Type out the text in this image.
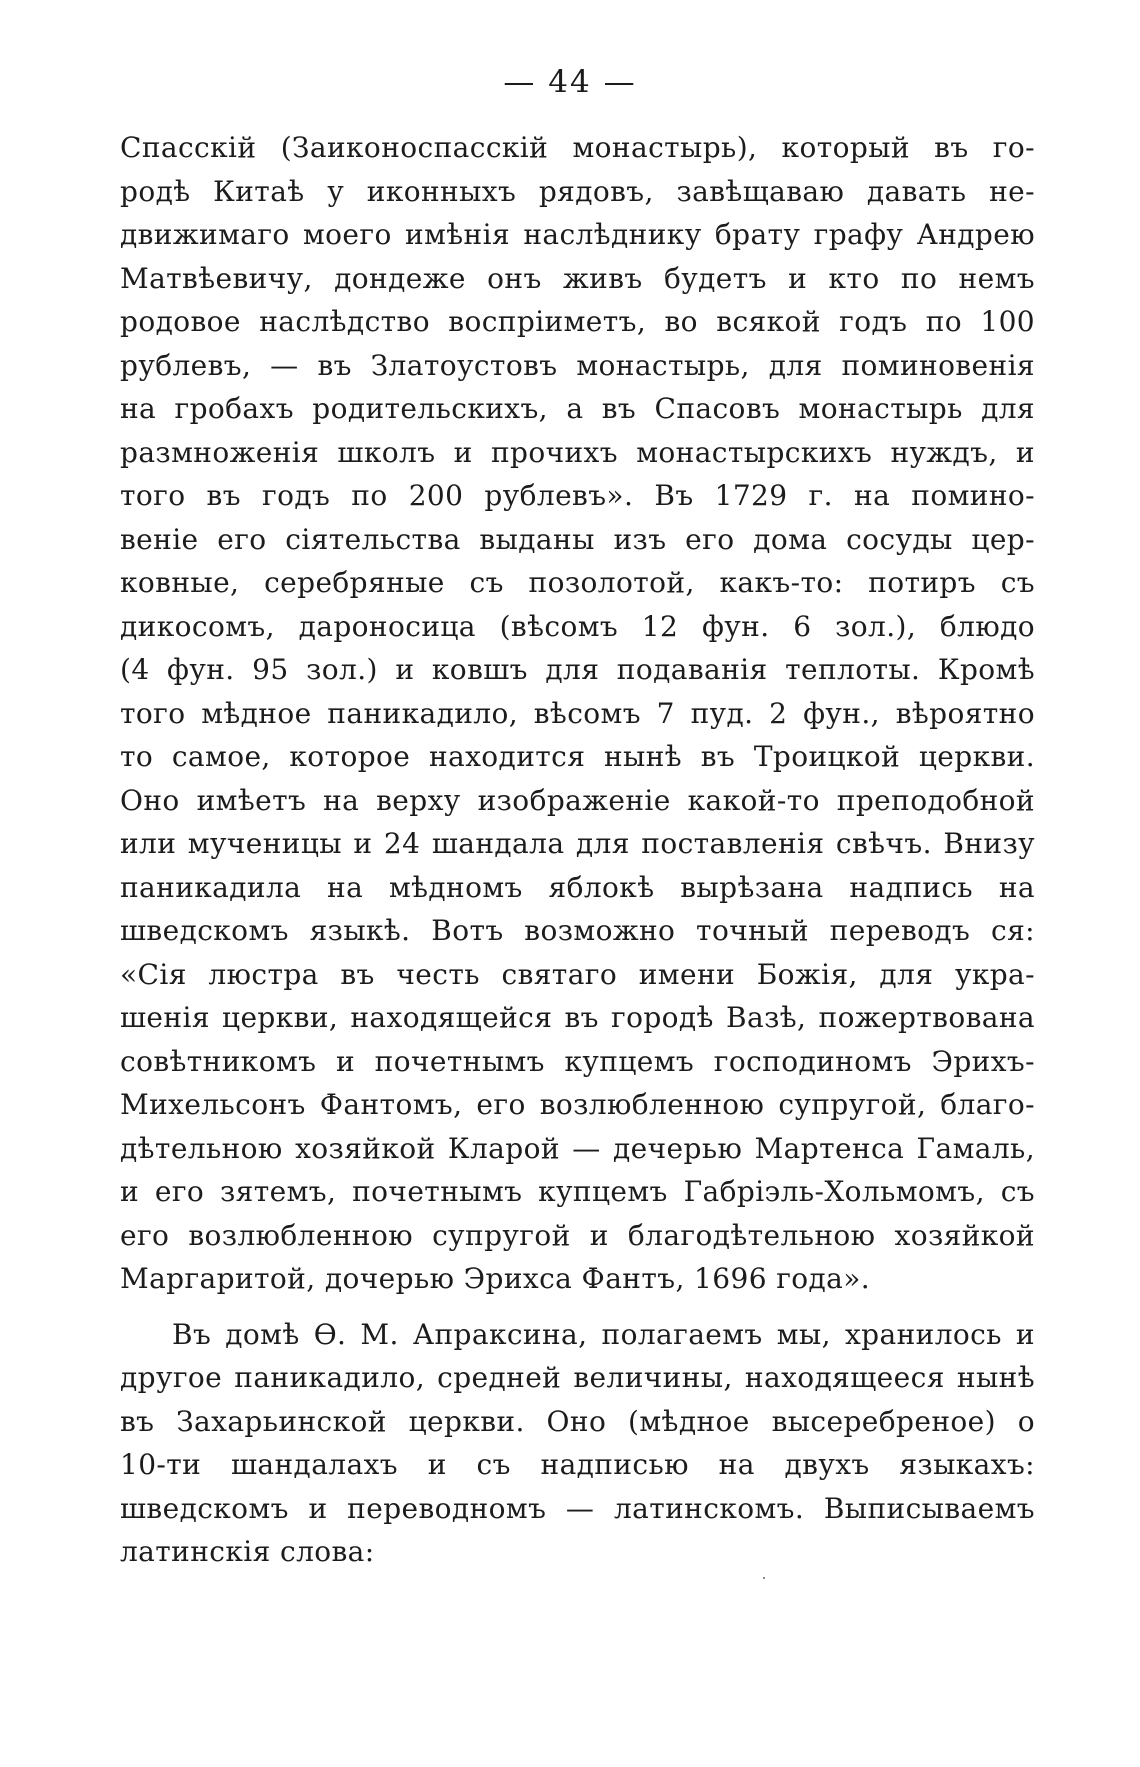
— 44 —
Спасскій (Заиконоспасскій монастырь), который въ го-
родѣ Китаѣ у иконныхъ рядовъ, завѣщаваю давать не-
движимаго моего имѣнія наслѣднику брату графу Андрею
Матвѣевичу, дондеже онъ живъ будетъ и кто по немъ
родовое наслѣдство воспріиметъ, во всякой годъ по 100
рублевъ, — въ Златоустовъ монастырь, для поминовенія
на гробахъ родительскихъ, а въ Спасовъ монастырь для
размноженія школъ и прочихъ монастырскихъ нуждъ, и
того въ годъ по 200 рублевъ». Въ 1729 г. на помино-
веніе его сіятельства выданы изъ его дома сосуды цер-
ковные, серебряные съ позолотой, какъ-то: потиръ съ
дикосомъ, дароносица (вѣсомъ 12 фун. 6 зол.), блюдо
(4 фун. 95 зол.) и ковшъ для подаванія теплоты. Кромѣ
того мѣдное паникадило, вѣсомъ 7 пуд. 2 фун., вѣроятно
то самое, которое находится нынѣ въ Троицкой церкви.
Оно имѣетъ на верху изображеніе какой-то преподобной
или мученицы и 24 шандала для поставленія свѣчъ. Внизу
паникадила на мѣдномъ яблокѣ вырѣзана надпись на
шведскомъ языкѣ. Вотъ возможно точный переводъ ся:
«Сія люстра въ честь святаго имени Божія, для укра-
шенія церкви, находящейся въ городѣ Вазѣ, пожертвована
совѣтникомъ и почетнымъ купцемъ господиномъ Эрихъ-
Михельсонъ Фантомъ, его возлюбленною супругой, благо-
дѣтельною хозяйкой Кларой — дечерью Мартенса Гамаль,
и его зятемъ, почетнымъ купцемъ Габріэль-Хольмомъ, съ
его возлюбленною супругой и благодѣтельною хозяйкой
Маргаритой, дочерью Эрихса Фантъ, 1696 года».
Въ домѣ Ѳ. М. Апраксина, полагаемъ мы, хранилось и
другое паникадило, средней величины, находящееся нынѣ
въ Захарьинской церкви. Оно (мѣдное высеребреное) о
10-ти шандалахъ и съ надписью на двухъ языкахъ:
шведскомъ и переводномъ — латинскомъ. Выписываемъ
латинскія слова:
